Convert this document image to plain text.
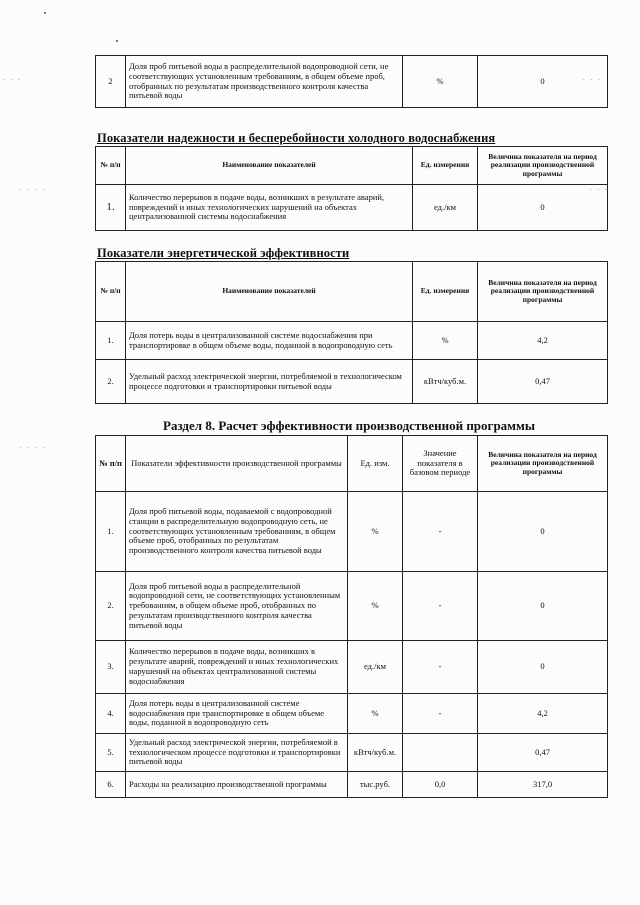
. . .	. . .
. . . .	. . .
. . . .
2	Доля проб питьевой воды в распределительной водопроводной сети, не соответствующих установленным требованиям, в общем объеме проб, отобранных по результатам производственного контроля качества питьевой воды	%	0
Показатели надежности и бесперебойности холодного водоснабжения
№ п/п	Наименование показателей	Ед. измерения	Величина показателя на период реализации производственной программы
1.	Количество перерывов в подаче воды, возникших в результате аварий, повреждений и иных технологических нарушений на объектах централизованной системы водоснабжения	ед./км	0
Показатели энергетической эффективности
№ п/п	Наименование показателей	Ед. измерения	Величина показателя на период реализации производственной программы
1.	Доля потерь воды в централизованной системе водоснабжения при транспортировке в общем объеме воды, поданной в водопроводную сеть	%	4,2
2.	Удельный расход электрической энергии, потребляемой в технологическом процессе подготовки и транспортировки питьевой воды	кВтч/куб.м.	0,47
Раздел 8. Расчет эффективности производственной программы
№ п/п	Показатели эффективности производственной программы	Ед. изм.	Значение показателя в базовом периоде	Величина показателя на период реализации производственной программы
1.	Доля проб питьевой воды, подаваемой с водопроводной станции в распределительную водопроводную сеть, не соответствующих установленным требованиям, в общем объеме проб, отобранных по результатам производственного контроля качества питьевой воды	%	-	0
2.	Доля проб питьевой воды в распределительной водопроводной сети, не соответствующих установленным требованиям, в общем объеме проб, отобранных по результатам производственного контроля качества питьевой воды	%	-	0
3.	Количество перерывов в подаче воды, возникших в результате аварий, повреждений и иных технологических нарушений на объектах централизованной системы водоснабжения	ед./км	-	0
4.	Доля потерь воды в централизованной системе водоснабжения при транспортировке в общем объеме воды, поданной в водопроводную сеть	%	-	4,2
5.	Удельный расход электрической энергии, потребляемой в технологическом процессе подготовки и транспортировки питьевой воды	кВтч/куб.м.		0,47
6.	Расходы на реализацию производственной программы	тыс.руб.	0,0	317,0
